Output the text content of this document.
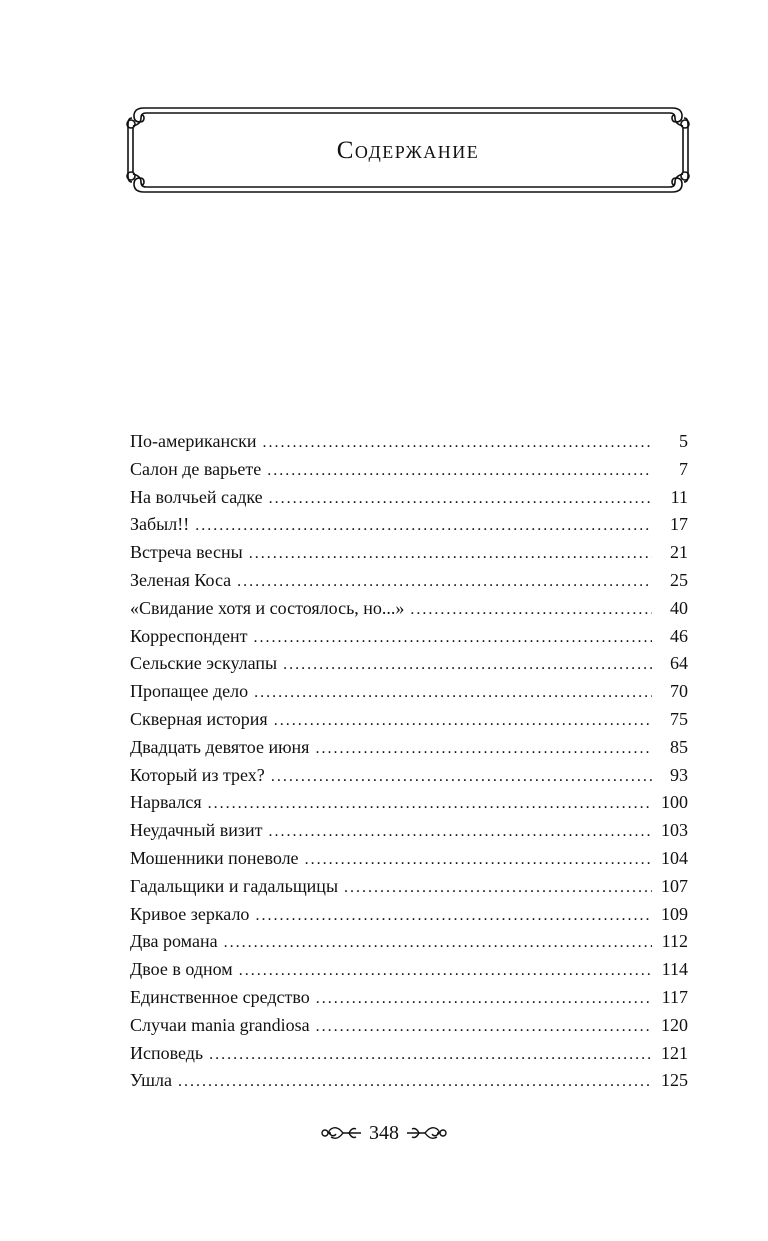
Содержание
По-американски . . .	5
Салон де варьете . . .	7
На волчьей садке . . .	11
Забыл!! . . .	17
Встреча весны . . .	21
Зеленая Коса . . .	25
«Свидание хотя и состоялось, но...» . . .	40
Корреспондент . . .	46
Сельские эскулапы . . .	64
Пропащее дело . . .	70
Скверная история . . .	75
Двадцать девятое июня . . .	85
Который из трех? . . .	93
Нарвался . . .	100
Неудачный визит . . .	103
Мошенники поневоле . . .	104
Гадальщики и гадальщицы . . .	107
Кривое зеркало . . .	109
Два романа . . .	112
Двое в одном . . .	114
Единственное средство . . .	117
Случаи mania grandiosa . . .	120
Исповедь . . .	121
Ушла . . .	125
348
